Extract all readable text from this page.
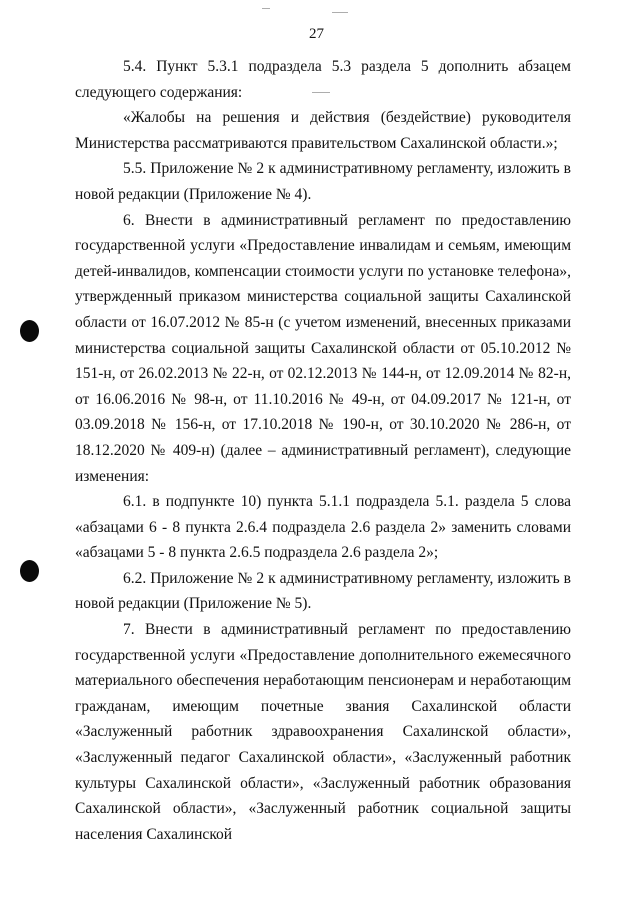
27

5.4. Пункт 5.3.1 подраздела 5.3 раздела 5 дополнить абзацем следующего содержания:

«Жалобы на решения и действия (бездействие) руководителя Министерства рассматриваются правительством Сахалинской области.»;

5.5. Приложение № 2 к административному регламенту, изложить в новой редакции (Приложение № 4).

6. Внести в административный регламент по предоставлению государственной услуги «Предоставление инвалидам и семьям, имеющим детей-инвалидов, компенсации стоимости услуги по установке телефона», утвержденный приказом министерства социальной защиты Сахалинской области от 16.07.2012 № 85-н (с учетом изменений, внесенных приказами министерства социальной защиты Сахалинской области от 05.10.2012 № 151-н, от 26.02.2013 № 22-н, от 02.12.2013 № 144-н, от 12.09.2014 № 82-н, от 16.06.2016 № 98-н, от 11.10.2016 № 49-н, от 04.09.2017 № 121-н, от 03.09.2018 № 156-н, от 17.10.2018 № 190-н, от 30.10.2020 № 286-н, от 18.12.2020 № 409-н) (далее – административный регламент), следующие изменения:

6.1. в подпункте 10) пункта 5.1.1 подраздела 5.1. раздела 5 слова «абзацами 6 - 8 пункта 2.6.4 подраздела 2.6 раздела 2» заменить словами «абзацами 5 - 8 пункта 2.6.5 подраздела 2.6 раздела 2»;

6.2. Приложение № 2 к административному регламенту, изложить в новой редакции (Приложение № 5).

7. Внести в административный регламент по предоставлению государственной услуги «Предоставление дополнительного ежемесячного материального обеспечения неработающим пенсионерам и неработающим гражданам, имеющим почетные звания Сахалинской области «Заслуженный работник здравоохранения Сахалинской области», «Заслуженный педагог Сахалинской области», «Заслуженный работник культуры Сахалинской области», «Заслуженный работник образования Сахалинской области», «Заслуженный работник социальной защиты населения Сахалинской
